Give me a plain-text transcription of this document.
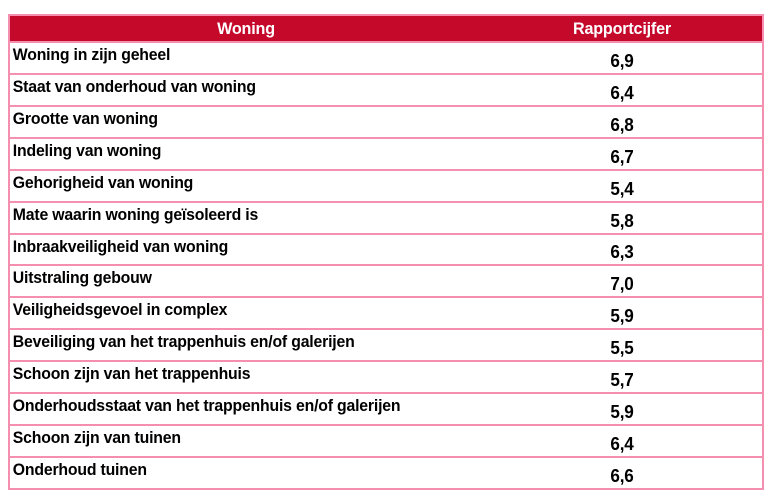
Woning	Rapportcijfer
Woning in zijn geheel	6,9
Staat van onderhoud van woning	6,4
Grootte van woning	6,8
Indeling van woning	6,7
Gehorigheid van woning	5,4
Mate waarin woning geïsoleerd is	5,8
Inbraakveiligheid van woning	6,3
Uitstraling gebouw	7,0
Veiligheidsgevoel in complex	5,9
Beveiliging van het trappenhuis en/of galerijen	5,5
Schoon zijn van het trappenhuis	5,7
Onderhoudsstaat van het trappenhuis en/of galerijen	5,9
Schoon zijn van tuinen	6,4
Onderhoud tuinen	6,6
